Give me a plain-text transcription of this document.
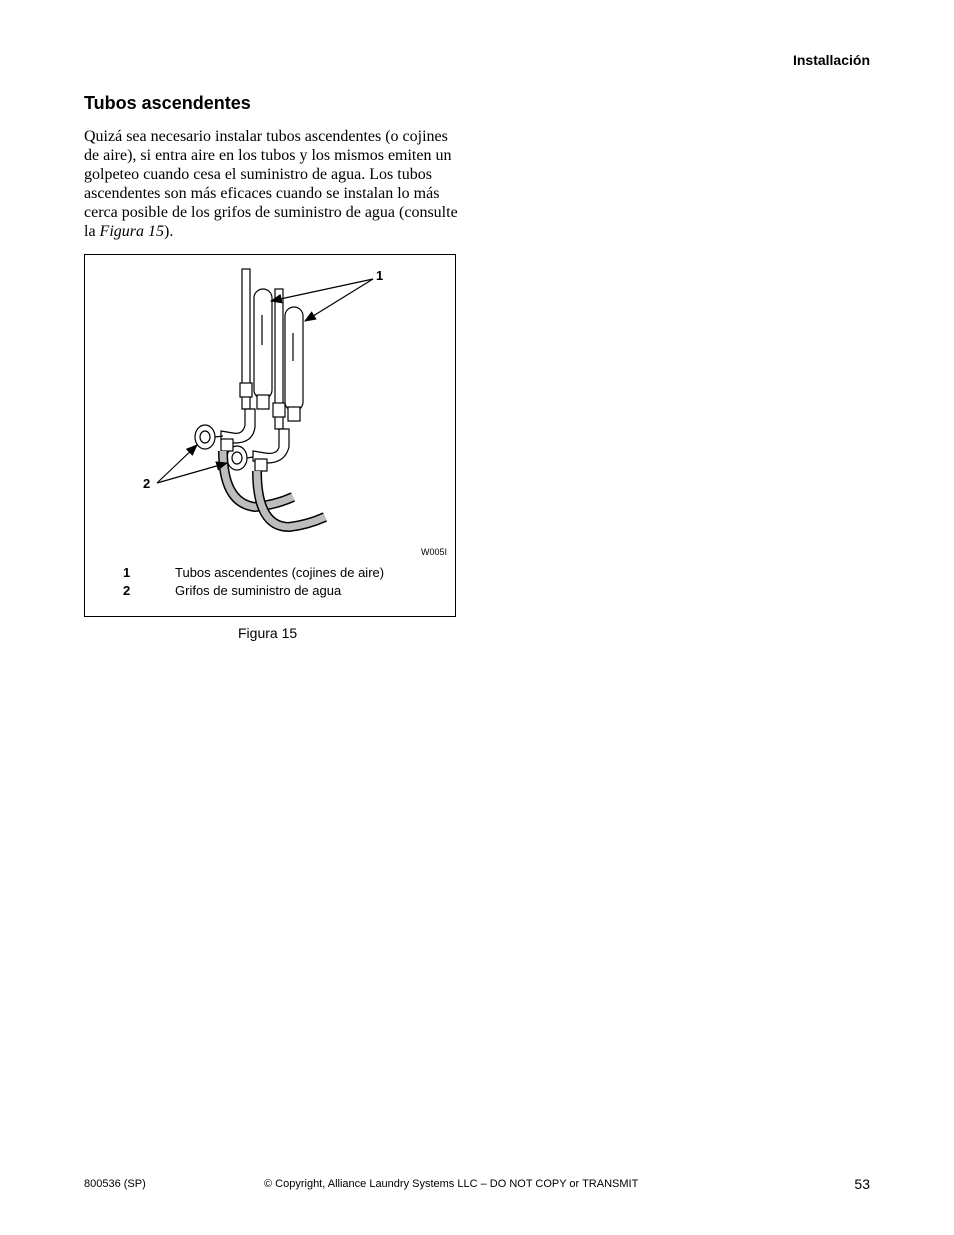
Installación
Tubos ascendentes

Quizá sea necesario instalar tubos ascendentes (o cojines de aire), si entra aire en los tubos y los mismos emiten un golpeteo cuando cesa el suministro de agua. Los tubos ascendentes son más eficaces cuando se instalan lo más cerca posible de los grifos de suministro de agua (consulte la Figura 15).

1
2
W005I
1	Tubos ascendentes (cojines de aire)
2	Grifos de suministro de agua
Figura 15
800536 (SP)	© Copyright, Alliance Laundry Systems LLC – DO NOT COPY or TRANSMIT	53
